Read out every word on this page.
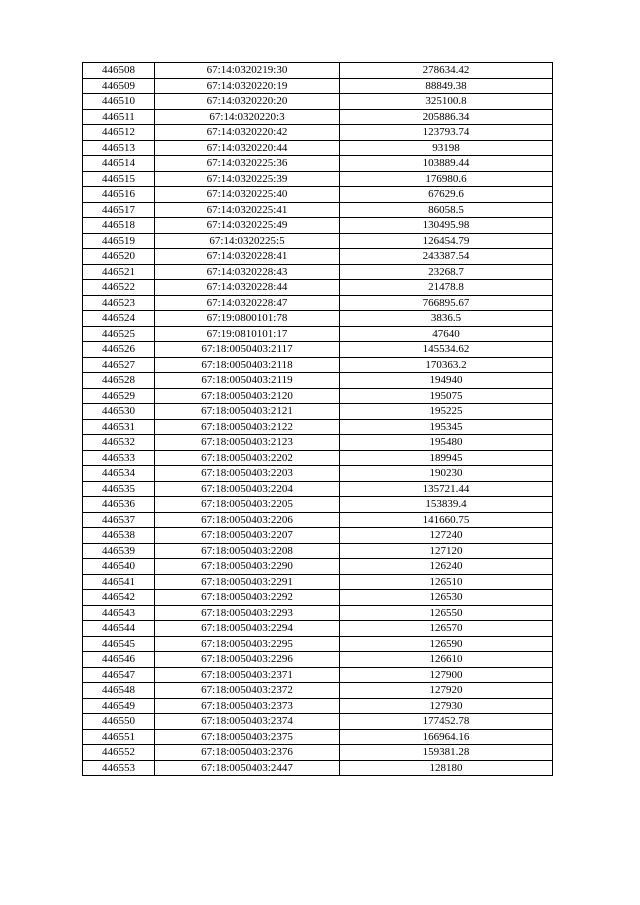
446508	67:14:0320219:30	278634.42
446509	67:14:0320220:19	88849.38
446510	67:14:0320220:20	325100.8
446511	67:14:0320220:3	205886.34
446512	67:14:0320220:42	123793.74
446513	67:14:0320220:44	93198
446514	67:14:0320225:36	103889.44
446515	67:14:0320225:39	176980.6
446516	67:14:0320225:40	67629.6
446517	67:14:0320225:41	86058.5
446518	67:14:0320225:49	130495.98
446519	67:14:0320225:5	126454.79
446520	67:14:0320228:41	243387.54
446521	67:14:0320228:43	23268.7
446522	67:14:0320228:44	21478.8
446523	67:14:0320228:47	766895.67
446524	67:19:0800101:78	3836.5
446525	67:19:0810101:17	47640
446526	67:18:0050403:2117	145534.62
446527	67:18:0050403:2118	170363.2
446528	67:18:0050403:2119	194940
446529	67:18:0050403:2120	195075
446530	67:18:0050403:2121	195225
446531	67:18:0050403:2122	195345
446532	67:18:0050403:2123	195480
446533	67:18:0050403:2202	189945
446534	67:18:0050403:2203	190230
446535	67:18:0050403:2204	135721.44
446536	67:18:0050403:2205	153839.4
446537	67:18:0050403:2206	141660.75
446538	67:18:0050403:2207	127240
446539	67:18:0050403:2208	127120
446540	67:18:0050403:2290	126240
446541	67:18:0050403:2291	126510
446542	67:18:0050403:2292	126530
446543	67:18:0050403:2293	126550
446544	67:18:0050403:2294	126570
446545	67:18:0050403:2295	126590
446546	67:18:0050403:2296	126610
446547	67:18:0050403:2371	127900
446548	67:18:0050403:2372	127920
446549	67:18:0050403:2373	127930
446550	67:18:0050403:2374	177452.78
446551	67:18:0050403:2375	166964.16
446552	67:18:0050403:2376	159381.28
446553	67:18:0050403:2447	128180
